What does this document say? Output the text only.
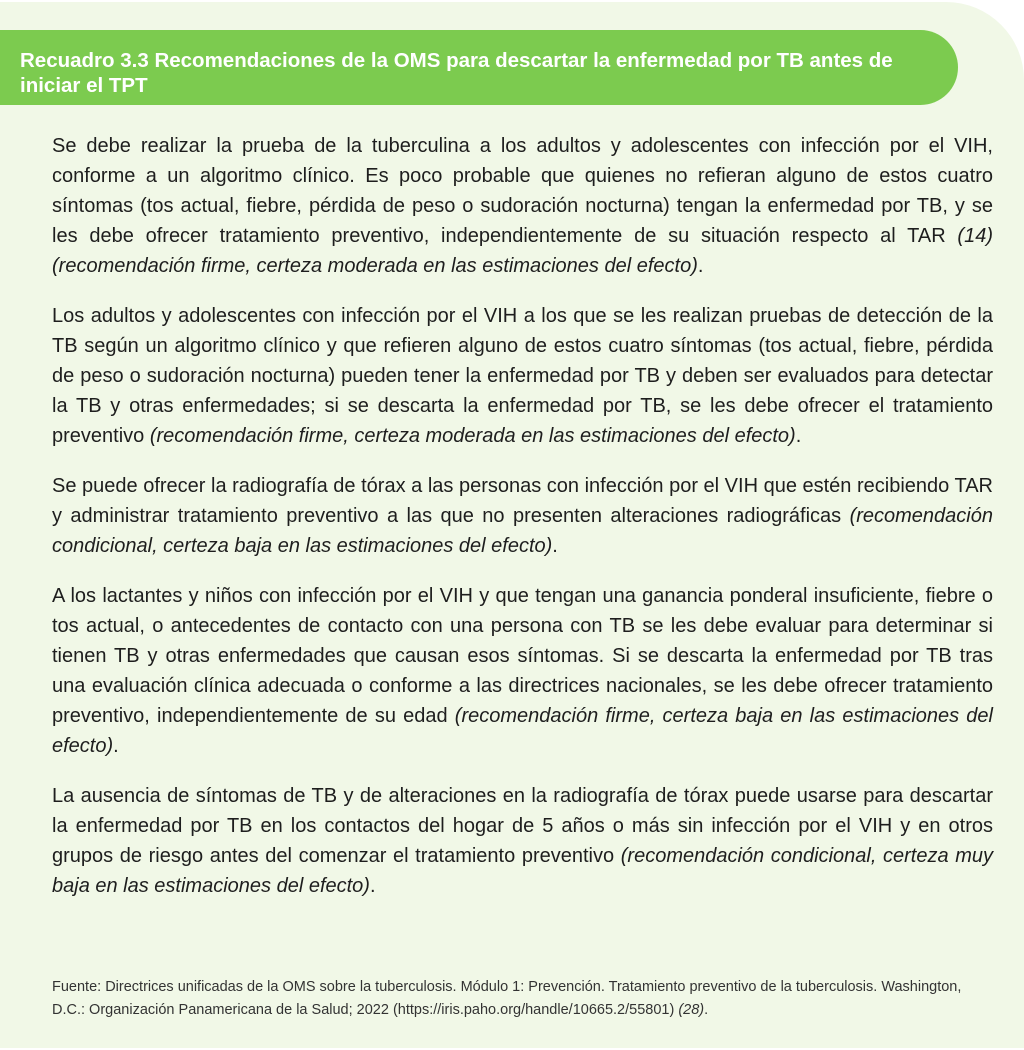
Recuadro 3.3 Recomendaciones de la OMS para descartar la enfermedad por TB antes de iniciar el TPT

Se debe realizar la prueba de la tuberculina a los adultos y adolescentes con infección por el VIH, conforme a un algoritmo clínico. Es poco probable que quienes no refieran alguno de estos cuatro síntomas (tos actual, fiebre, pérdida de peso o sudoración nocturna) tengan la enfermedad por TB, y se les debe ofrecer tratamiento preventivo, independientemente de su situación respecto al TAR (14) (recomendación firme, certeza moderada en las estimaciones del efecto).

Los adultos y adolescentes con infección por el VIH a los que se les realizan pruebas de detección de la TB según un algoritmo clínico y que refieren alguno de estos cuatro síntomas (tos actual, fiebre, pérdida de peso o sudoración nocturna) pueden tener la enfermedad por TB y deben ser evaluados para detectar la TB y otras enfermedades; si se descarta la enfermedad por TB, se les debe ofrecer el tratamiento preventivo (recomendación firme, certeza moderada en las estimaciones del efecto).

Se puede ofrecer la radiografía de tórax a las personas con infección por el VIH que estén recibiendo TAR y administrar tratamiento preventivo a las que no presenten alteraciones radiográficas (recomendación condicional, certeza baja en las estimaciones del efecto).

A los lactantes y niños con infección por el VIH y que tengan una ganancia ponderal insuficiente, fiebre o tos actual, o antecedentes de contacto con una persona con TB se les debe evaluar para determinar si tienen TB y otras enfermedades que causan esos síntomas. Si se descarta la enfermedad por TB tras una evaluación clínica adecuada o conforme a las directrices nacionales, se les debe ofrecer tratamiento preventivo, independientemente de su edad (recomendación firme, certeza baja en las estimaciones del efecto).

La ausencia de síntomas de TB y de alteraciones en la radiografía de tórax puede usarse para descartar la enfermedad por TB en los contactos del hogar de 5 años o más sin infección por el VIH y en otros grupos de riesgo antes del comenzar el tratamiento preventivo (recomendación condicional, certeza muy baja en las estimaciones del efecto).

Fuente: Directrices unificadas de la OMS sobre la tuberculosis. Módulo 1: Prevención. Tratamiento preventivo de la tuberculosis. Washington, D.C.: Organización Panamericana de la Salud; 2022 (https://iris.paho.org/handle/10665.2/55801) (28).
